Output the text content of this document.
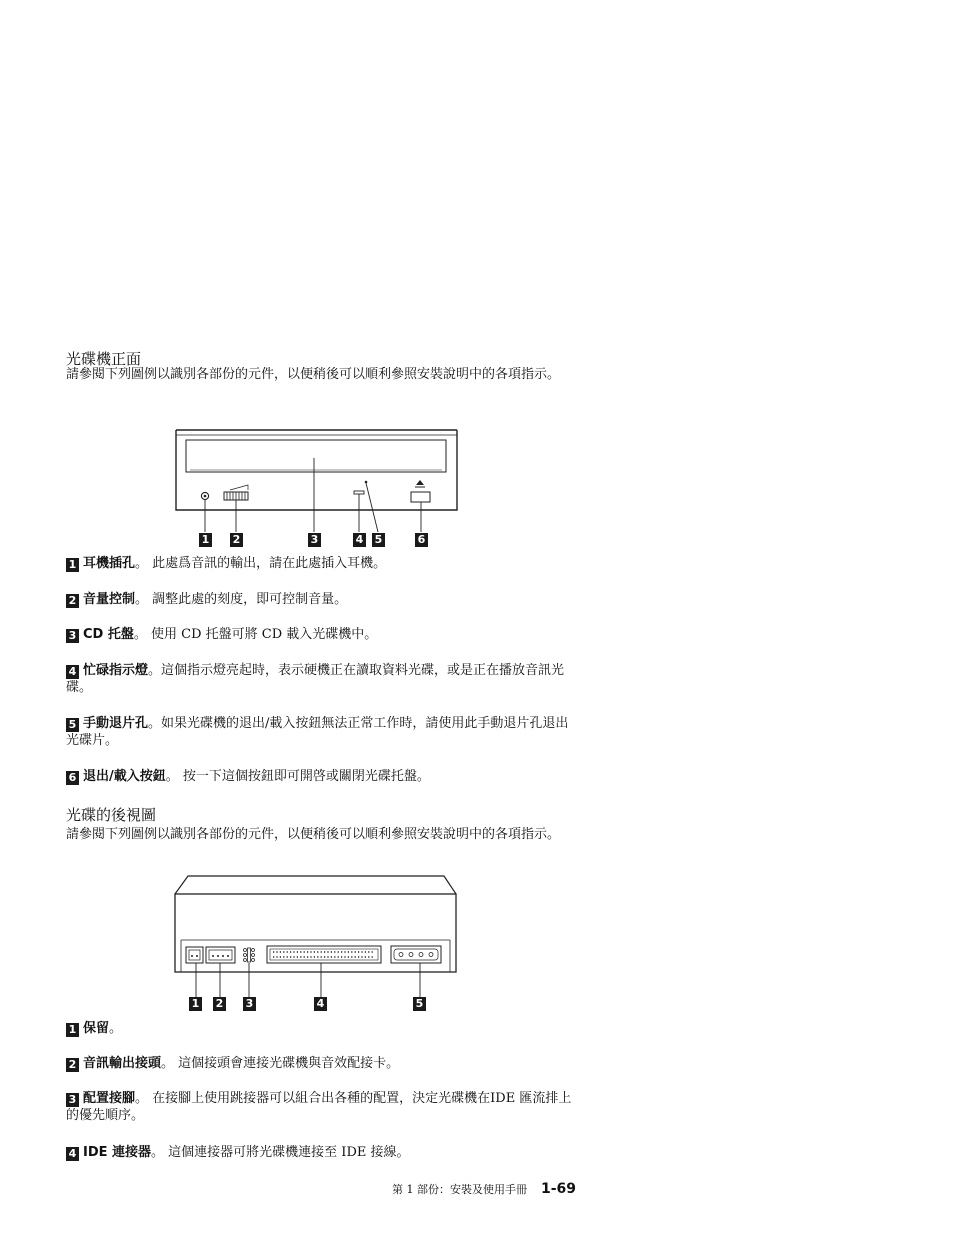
光碟機正面
請參閱下列圖例以識別各部份的元件，以便稍後可以順利參照安裝說明中的各項指示。
1 2	3	4 5	6
1 耳機插孔。 此處爲音訊的輸出，請在此處插入耳機。
2 音量控制。 調整此處的刻度，即可控制音量。
3 CD 托盤。 使用 CD 托盤可將 CD 載入光碟機中。
4 忙碌指示燈。這個指示燈亮起時，表示硬機正在讀取資料光碟，或是正在播放音訊光碟。
5 手動退片孔。如果光碟機的退出/載入按鈕無法正常工作時，請使用此手動退片孔退出光碟片。
6 退出/載入按鈕。 按一下這個按鈕即可開啓或關閉光碟托盤。
光碟的後視圖
請參閱下列圖例以識別各部份的元件，以便稍後可以順利參照安裝說明中的各項指示。
1 2 3	4	5
1 保留。
2 音訊輸出接頭。 這個接頭會連接光碟機與音效配接卡。
3 配置接腳。 在接腳上使用跳接器可以組合出各種的配置，決定光碟機在IDE 匯流排上的優先順序。
4 IDE 連接器。 這個連接器可將光碟機連接至 IDE 接線。
第 1 部份：安裝及使用手冊 1-69
